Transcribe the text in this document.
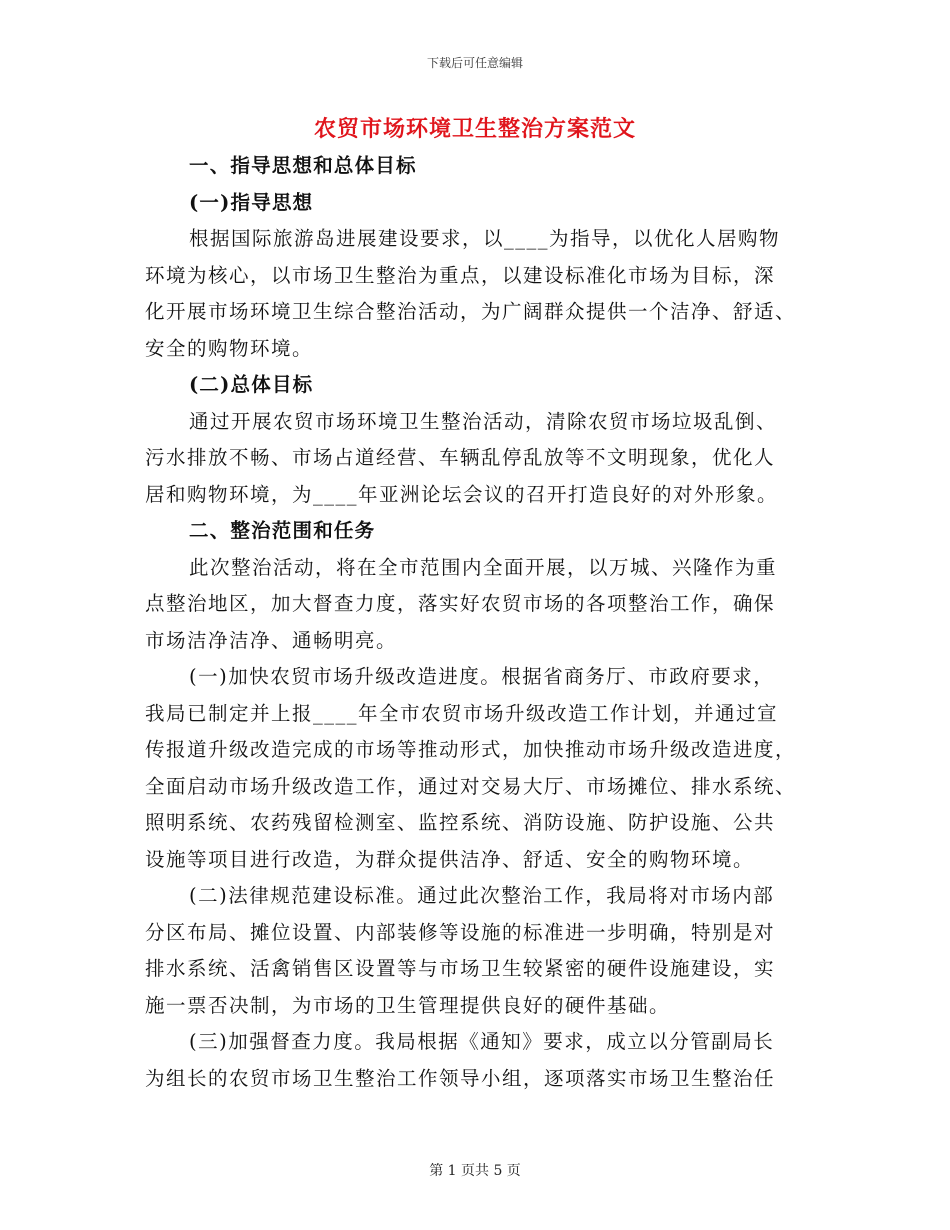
下载后可任意编辑
农贸市场环境卫生整治方案范文
一、指导思想和总体目标
(一)指导思想
根据国际旅游岛进展建设要求，以____为指导，以优化人居购物
环境为核心，以市场卫生整治为重点，以建设标准化市场为目标，深
化开展市场环境卫生综合整治活动，为广阔群众提供一个洁净、舒适、
安全的购物环境。
(二)总体目标
通过开展农贸市场环境卫生整治活动，清除农贸市场垃圾乱倒、
污水排放不畅、市场占道经营、车辆乱停乱放等不文明现象，优化人
居和购物环境，为____年亚洲论坛会议的召开打造良好的对外形象。
二、整治范围和任务
此次整治活动，将在全市范围内全面开展，以万城、兴隆作为重
点整治地区，加大督查力度，落实好农贸市场的各项整治工作，确保
市场洁净洁净、通畅明亮。
(一)加快农贸市场升级改造进度。根据省商务厅、市政府要求，
我局已制定并上报____年全市农贸市场升级改造工作计划，并通过宣
传报道升级改造完成的市场等推动形式，加快推动市场升级改造进度，
全面启动市场升级改造工作，通过对交易大厅、市场摊位、排水系统、
照明系统、农药残留检测室、监控系统、消防设施、防护设施、公共
设施等项目进行改造，为群众提供洁净、舒适、安全的购物环境。
(二)法律规范建设标准。通过此次整治工作，我局将对市场内部
分区布局、摊位设置、内部装修等设施的标准进一步明确，特别是对
排水系统、活禽销售区设置等与市场卫生较紧密的硬件设施建设，实
施一票否决制，为市场的卫生管理提供良好的硬件基础。
(三)加强督查力度。我局根据《通知》要求，成立以分管副局长
为组长的农贸市场卫生整治工作领导小组，逐项落实市场卫生整治任
第 1 页共 5 页
